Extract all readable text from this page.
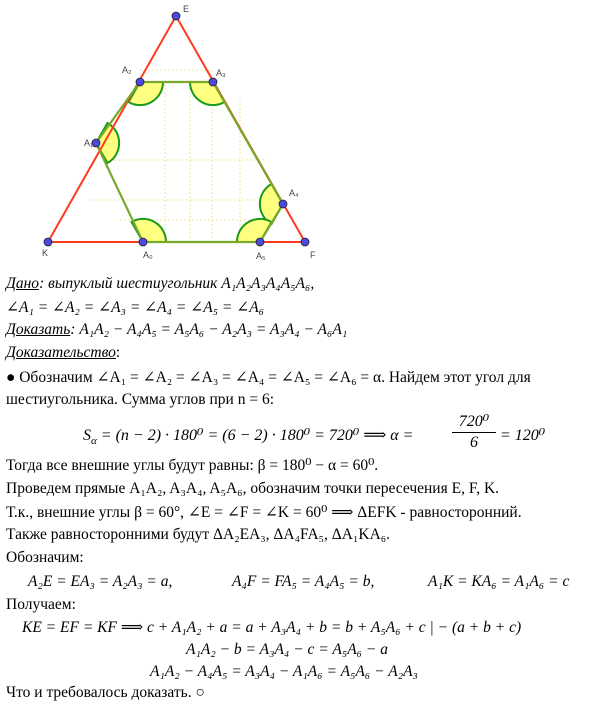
E
A₂	A₃
A₁
A₄
K	A₀	A₅	F
Дано: выпуклый шестиугольник A₁A₂A₃A₄A₅A₆,
∠A₁ = ∠A₂ = ∠A₃ = ∠A₄ = ∠A₅ = ∠A₆
Доказать: A₁A₂ − A₄A₅ = A₅A₆ − A₂A₃ = A₃A₄ − A₆A₁
Доказательство:
● Обозначим ∠A₁ = ∠A₂ = ∠A₃ = ∠A₄ = ∠A₅ = ∠A₆ = α. Найдем этот угол для
шестиугольника. Сумма углов при n = 6:
$S_\alpha = (n - 2) \cdot 180^0 = (6 - 2) \cdot 180^0 = 720^0$ ⟹ $\alpha = \frac{\text{720⁰}}{6} = 120^0$
Тогда все внешние углы будут равны: β = 180⁰ − α = 60⁰.
Проведем прямые A₁A₂, A₃A₄, A₅A₆, обозначим точки пересечения E, F, K.
Т.к., внешние углы β = 60°, ∠E = ∠F = ∠K = 60⁰ ⟹ ΔEFK - равносторонний.
Также равносторонними будут ΔA₂EA₃, ΔA₄FA₅, ΔA₁KA₆.
Обозначим:
A₂E = EA₃ = A₂A₃ = a,	A₄F = FA₅ = A₄A₅ = b,	A₁K = KA₆ = A₁A₆ = c
Получаем:
KE = EF = KF ⟹ c + A₁A₂ + a = a + A₃A₄ + b = b + A₅A₆ + c | − (a + b + c)
A₁A₂ − b = A₃A₄ − c = A₅A₆ − a
A₁A₂ − A₄A₅ = A₃A₄ − A₁A₆ = A₅A₆ − A₂A₃
Что и требовалось доказать. ○
